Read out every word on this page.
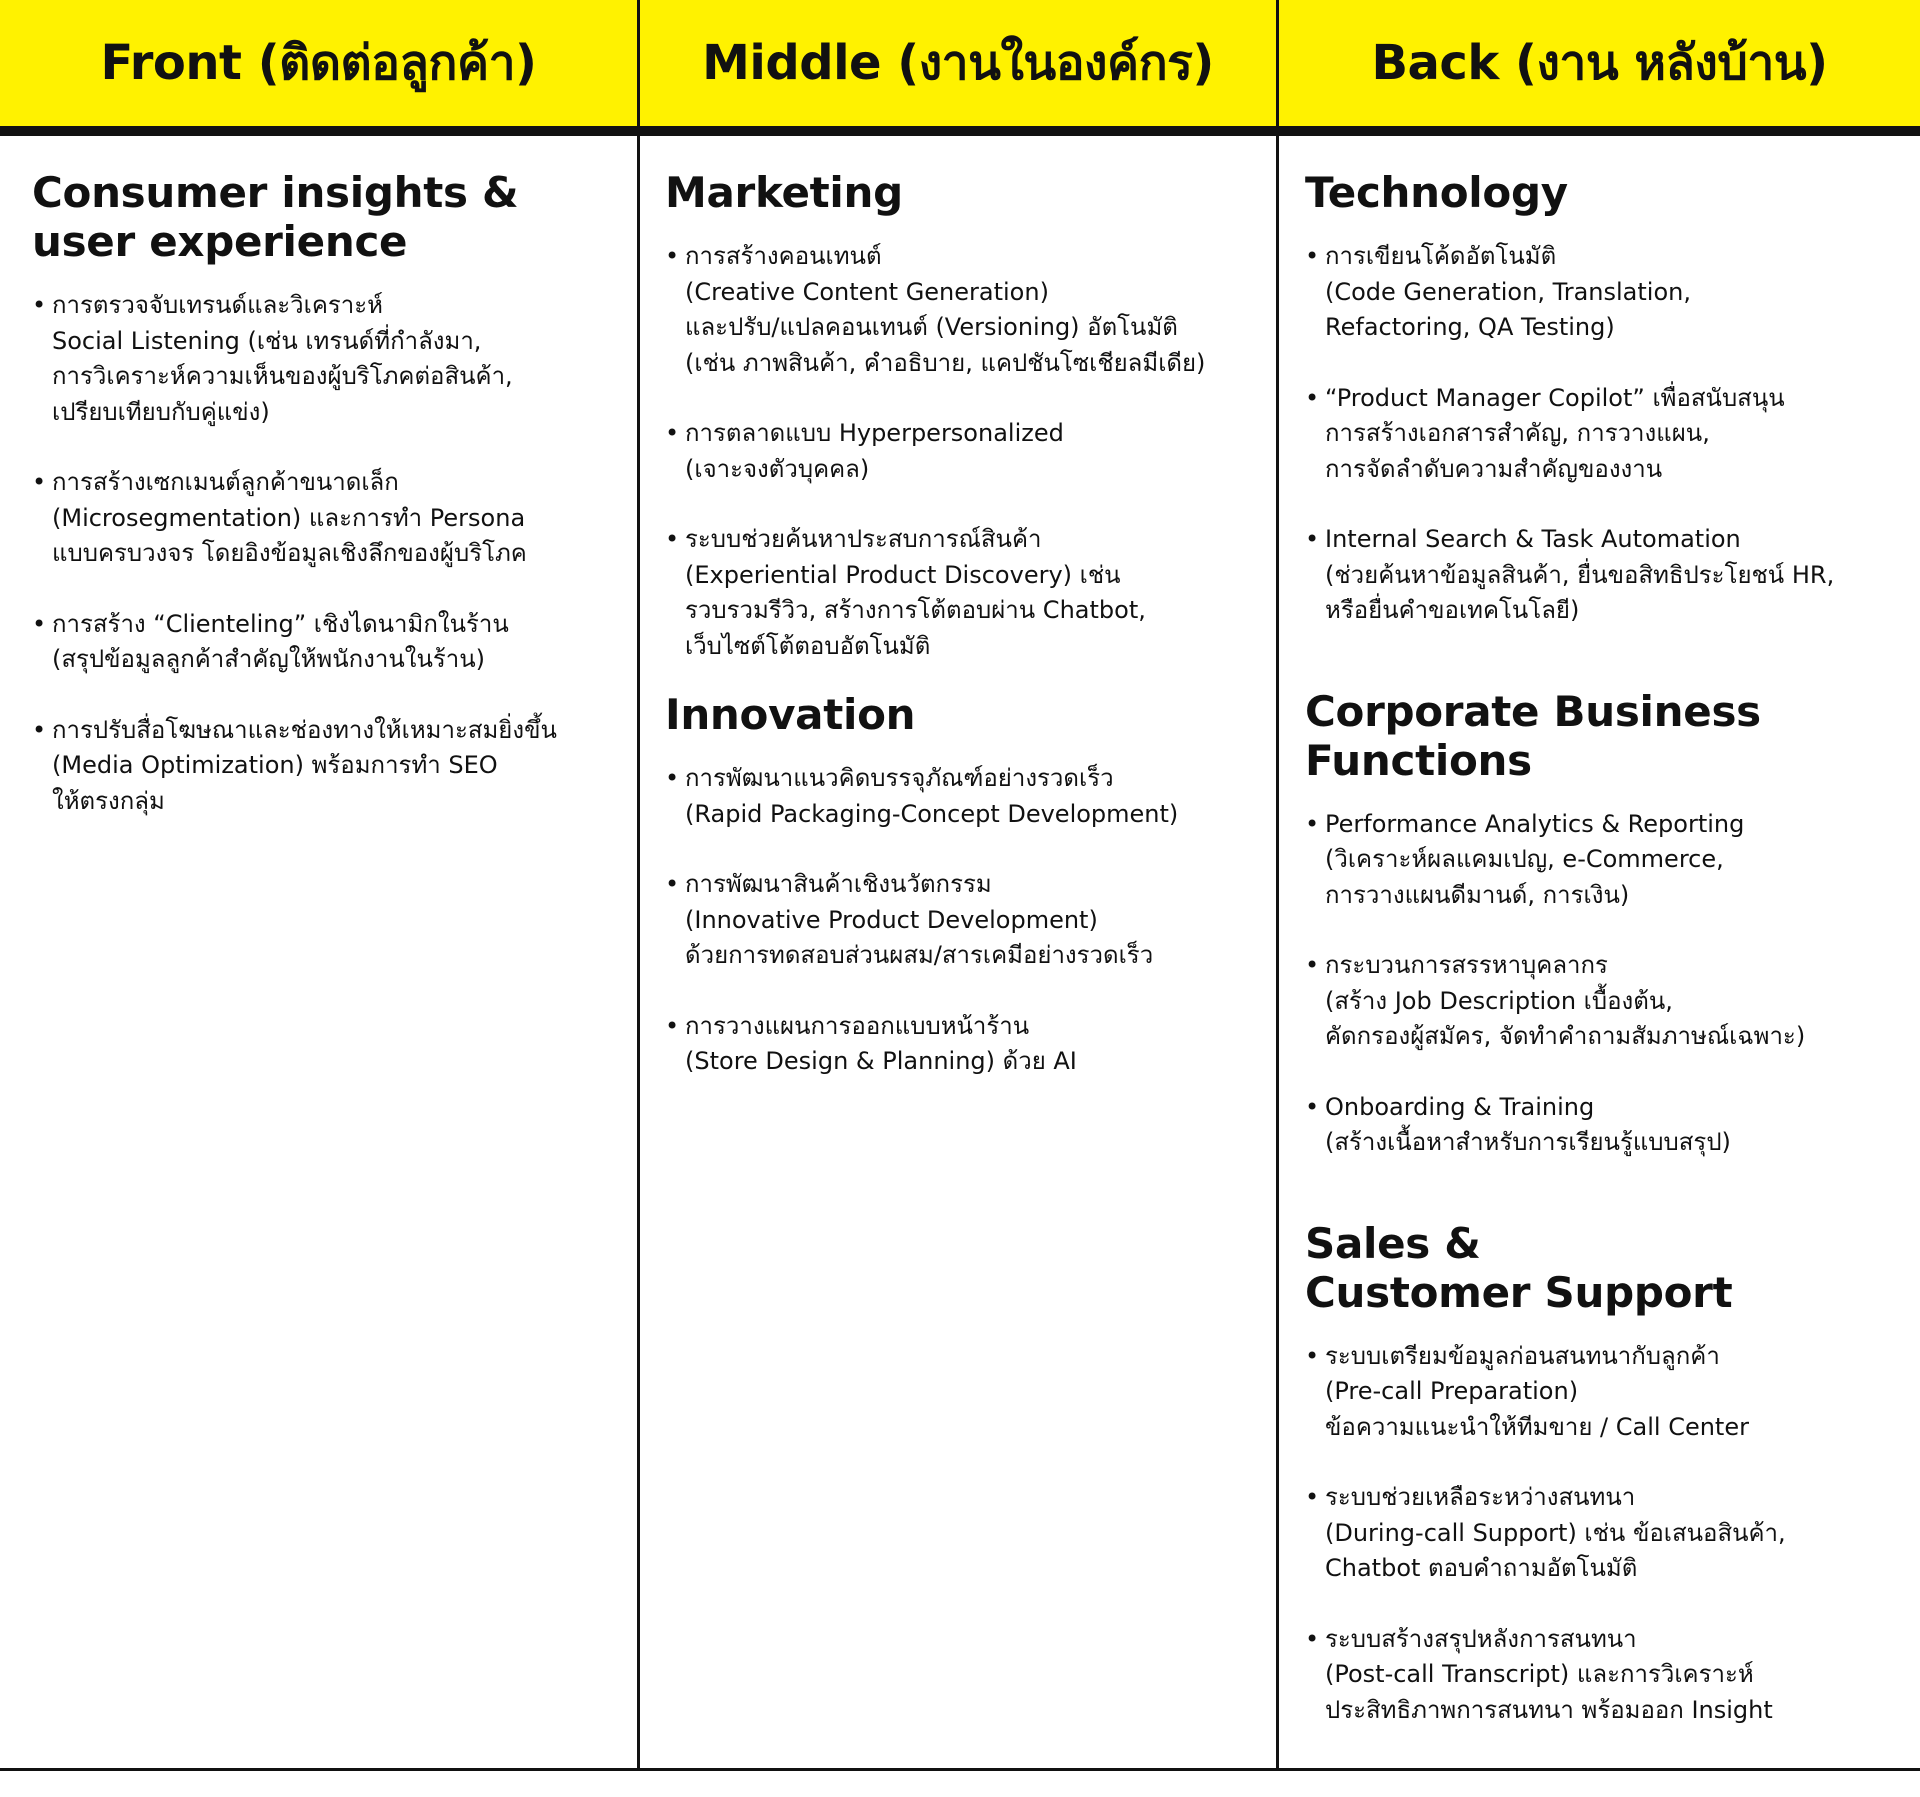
Front (ติดต่อลูกค้า)	Middle (งานในองค์กร)	Back (งาน หลังบ้าน)
Consumer insights &
user experience
• การตรวจจับเทรนด์และวิเคราะห์
Social Listening (เช่น เทรนด์ที่กำลังมา,
การวิเคราะห์ความเห็นของผู้บริโภคต่อสินค้า,
เปรียบเทียบกับคู่แข่ง)
• การสร้างเซกเมนต์ลูกค้าขนาดเล็ก
(Microsegmentation) และการทำ Persona
แบบครบวงจร โดยอิงข้อมูลเชิงลึกของผู้บริโภค
• การสร้าง “Clienteling” เชิงไดนามิกในร้าน
(สรุปข้อมูลลูกค้าสำคัญให้พนักงานในร้าน)
• การปรับสื่อโฆษณาและช่องทางให้เหมาะสมยิ่งขึ้น
(Media Optimization) พร้อมการทำ SEO
ให้ตรงกลุ่ม
Marketing
• การสร้างคอนเทนต์
(Creative Content Generation)
และปรับ/แปลคอนเทนต์ (Versioning) อัตโนมัติ
(เช่น ภาพสินค้า, คำอธิบาย, แคปชันโซเชียลมีเดีย)
• การตลาดแบบ Hyperpersonalized
(เจาะจงตัวบุคคล)
• ระบบช่วยค้นหาประสบการณ์สินค้า
(Experiential Product Discovery) เช่น
รวบรวมรีวิว, สร้างการโต้ตอบผ่าน Chatbot,
เว็บไซต์โต้ตอบอัตโนมัติ
Innovation
• การพัฒนาแนวคิดบรรจุภัณฑ์อย่างรวดเร็ว
(Rapid Packaging-Concept Development)
• การพัฒนาสินค้าเชิงนวัตกรรม
(Innovative Product Development)
ด้วยการทดสอบส่วนผสม/สารเคมีอย่างรวดเร็ว
• การวางแผนการออกแบบหน้าร้าน
(Store Design & Planning) ด้วย AI
Technology
• การเขียนโค้ดอัตโนมัติ
(Code Generation, Translation,
Refactoring, QA Testing)
• “Product Manager Copilot” เพื่อสนับสนุน
การสร้างเอกสารสำคัญ, การวางแผน,
การจัดลำดับความสำคัญของงาน
• Internal Search & Task Automation
(ช่วยค้นหาข้อมูลสินค้า, ยื่นขอสิทธิประโยชน์ HR,
หรือยื่นคำขอเทคโนโลยี)
Corporate Business
Functions
• Performance Analytics & Reporting
(วิเคราะห์ผลแคมเปญ, e-Commerce,
การวางแผนดีมานด์, การเงิน)
• กระบวนการสรรหาบุคลากร
(สร้าง Job Description เบื้องต้น,
คัดกรองผู้สมัคร, จัดทำคำถามสัมภาษณ์เฉพาะ)
• Onboarding & Training
(สร้างเนื้อหาสำหรับการเรียนรู้แบบสรุป)
Sales &
Customer Support
• ระบบเตรียมข้อมูลก่อนสนทนากับลูกค้า
(Pre-call Preparation)
ข้อความแนะนำให้ทีมขาย / Call Center
• ระบบช่วยเหลือระหว่างสนทนา
(During-call Support) เช่น ข้อเสนอสินค้า,
Chatbot ตอบคำถามอัตโนมัติ
• ระบบสร้างสรุปหลังการสนทนา
(Post-call Transcript) และการวิเคราะห์
ประสิทธิภาพการสนทนา พร้อมออก Insight
